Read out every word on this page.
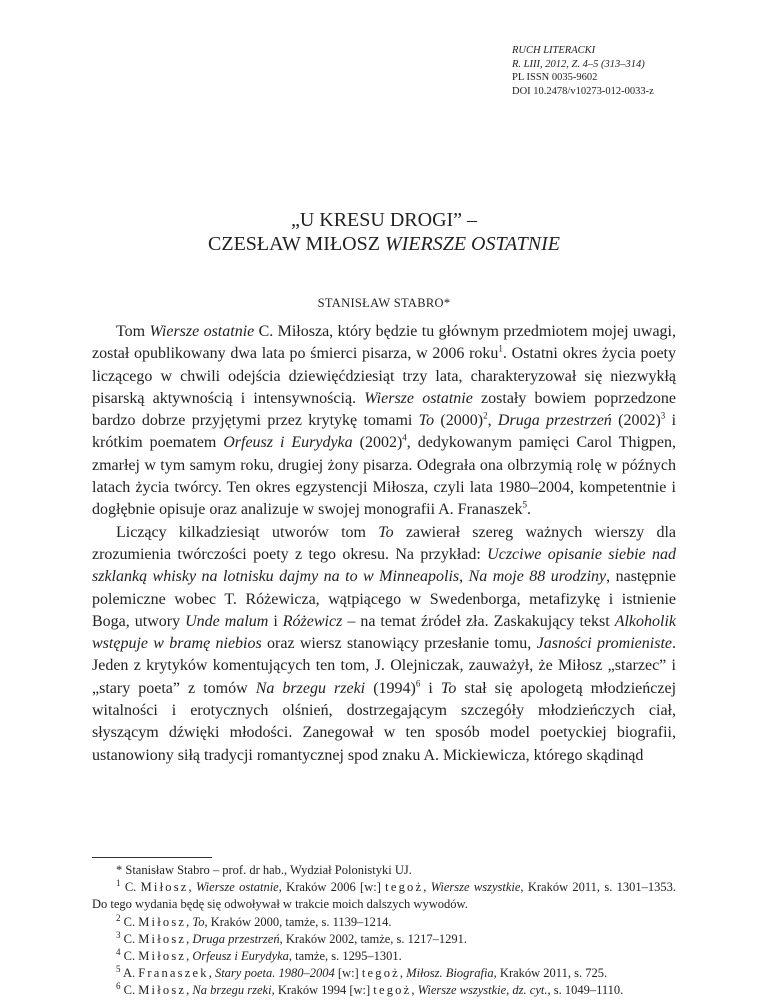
RUCH LITERACKI
R. LIII, 2012, Z. 4–5 (313–314)
PL ISSN 0035-9602
DOI 10.2478/v10273-012-0033-z
„U KRESU DROGI” –
CZESŁAW MIŁOSZ WIERSZE OSTATNIE
STANISŁAW STABRO*

Tom Wiersze ostatnie C. Miłosza, który będzie tu głównym przedmiotem mojej uwagi, został opublikowany dwa lata po śmierci pisarza, w 2006 roku$^1$. Ostatni okres życia poety liczącego w chwili odejścia dziewięćdziesiąt trzy lata, charakteryzował się niezwykłą pisarską aktywnością i intensywnością. Wiersze ostatnie zostały bowiem poprzedzone bardzo dobrze przyjętymi przez krytykę tomami To $(2000)^2$, Druga przestrzeń $(2002)^3$ i krótkim poematem Orfeusz i Eurydyka $(2002)^4$, dedykowanym pamięci Carol Thigpen, zmarłej w tym samym roku, drugiej żony pisarza. Odegrała ona olbrzymią rolę w późnych latach życia twórcy. Ten okres egzystencji Miłosza, czyli lata 1980–2004, kompetentnie i dogłębnie opisuje oraz analizuje w swojej monografii A. Franaszek$^5$.

Liczący kilkadziesiąt utworów tom To zawierał szereg ważnych wierszy dla zrozumienia twórczości poety z tego okresu. Na przykład: Uczciwe opisanie siebie nad szklanką whisky na lotnisku dajmy na to w Minneapolis, Na moje 88 urodziny, następnie polemiczne wobec T. Różewicza, wątpiącego w Swedenborga, metafizykę i istnienie Boga, utwory Unde malum i Różewicz – na temat źródeł zła. Zaskakujący tekst Alkoholik wstępuje w bramę niebios oraz wiersz stanowiący przesłanie tomu, Jasności promieniste. Jeden z krytyków komentujących ten tom, J. Olejniczak, zauważył, że Miłosz „starzec” i „stary poeta” z tomów Na brzegu rzeki $(1994)^6$ i To stał się apologetą młodzieńczej witalności i erotycznych olśnień, dostrzegającym szczegóły młodzieńczych ciał, słyszącym dźwięki młodości. Zanegował w ten sposób model poetyckiej biografii, ustanowiony siłą tradycji romantycznej spod znaku A. Mickiewicza, którego skądinąd

* Stanisław Stabro – prof. dr hab., Wydział Polonistyki UJ.
$^1$ C. Miłosz, Wiersze ostatnie, Kraków 2006 [w:] tegoż, Wiersze wszystkie, Kraków 2011, s. 1301–1353. Do tego wydania będę się odwoływał w trakcie moich dalszych wywodów.
$^2$ C. Miłosz, To, Kraków 2000, tamże, s. 1139–1214.
$^3$ C. Miłosz, Druga przestrzeń, Kraków 2002, tamże, s. 1217–1291.
$^4$ C. Miłosz, Orfeusz i Eurydyka, tamże, s. 1295–1301.
$^5$ A. Franaszek, Stary poeta. 1980–2004 [w:] tegoż, Miłosz. Biografia, Kraków 2011, s. 725.
$^6$ C. Miłosz, Na brzegu rzeki, Kraków 1994 [w:] tegoż, Wiersze wszystkie, dz. cyt., s. 1049–1110.
